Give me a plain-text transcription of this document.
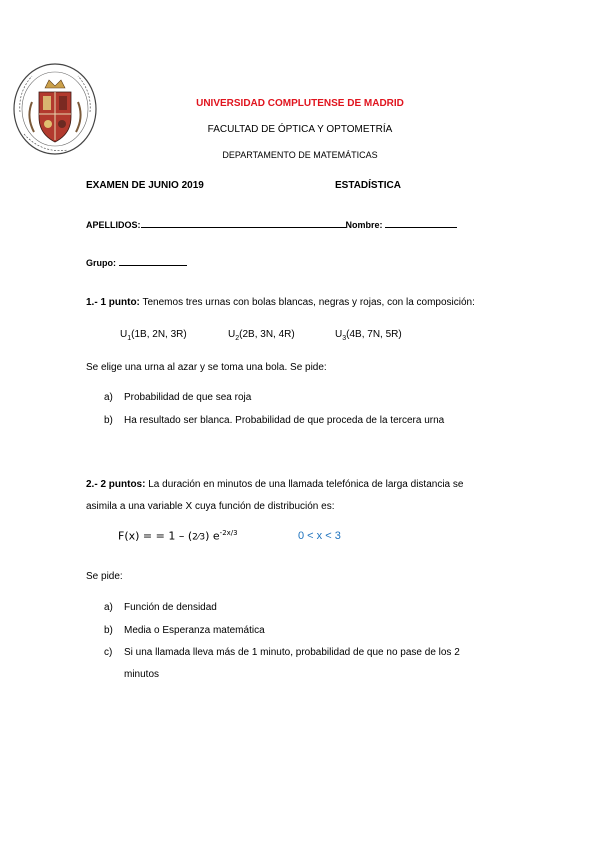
UNIVERSIDAD COMPLUTENSE DE MADRID
FACULTAD DE ÓPTICA Y OPTOMETRÍA
DEPARTAMENTO DE MATEMÁTICAS
EXAMEN DE JUNIO 2019	ESTADÍSTICA
APELLIDOS:	Nombre:
Grupo:
1.- 1 punto: Tenemos tres urnas con bolas blancas, negras y rojas, con la composición:
$U_1(1B$, 2N, 3R)	$U_2(2B$, 3N, 4R)	$U_3(4B$, 7N, 5R)
Se elige una urna al azar y se toma una bola. Se pide:
a) Probabilidad de que sea roja
b) Ha resultado ser blanca. Probabilidad de que proceda de la tercera urna
2.- 2 puntos: La duración en minutos de una llamada telefónica de larga distancia se
asimila a una variable X cuya función de distribución es:
F(x) = = 1 – (2⁄3) $e^{-2x/3}$	0 < x < 3
Se pide:
a) Función de densidad
b) Media o Esperanza matemática
c) Si una llamada lleva más de 1 minuto, probabilidad de que no pase de los 2
minutos
